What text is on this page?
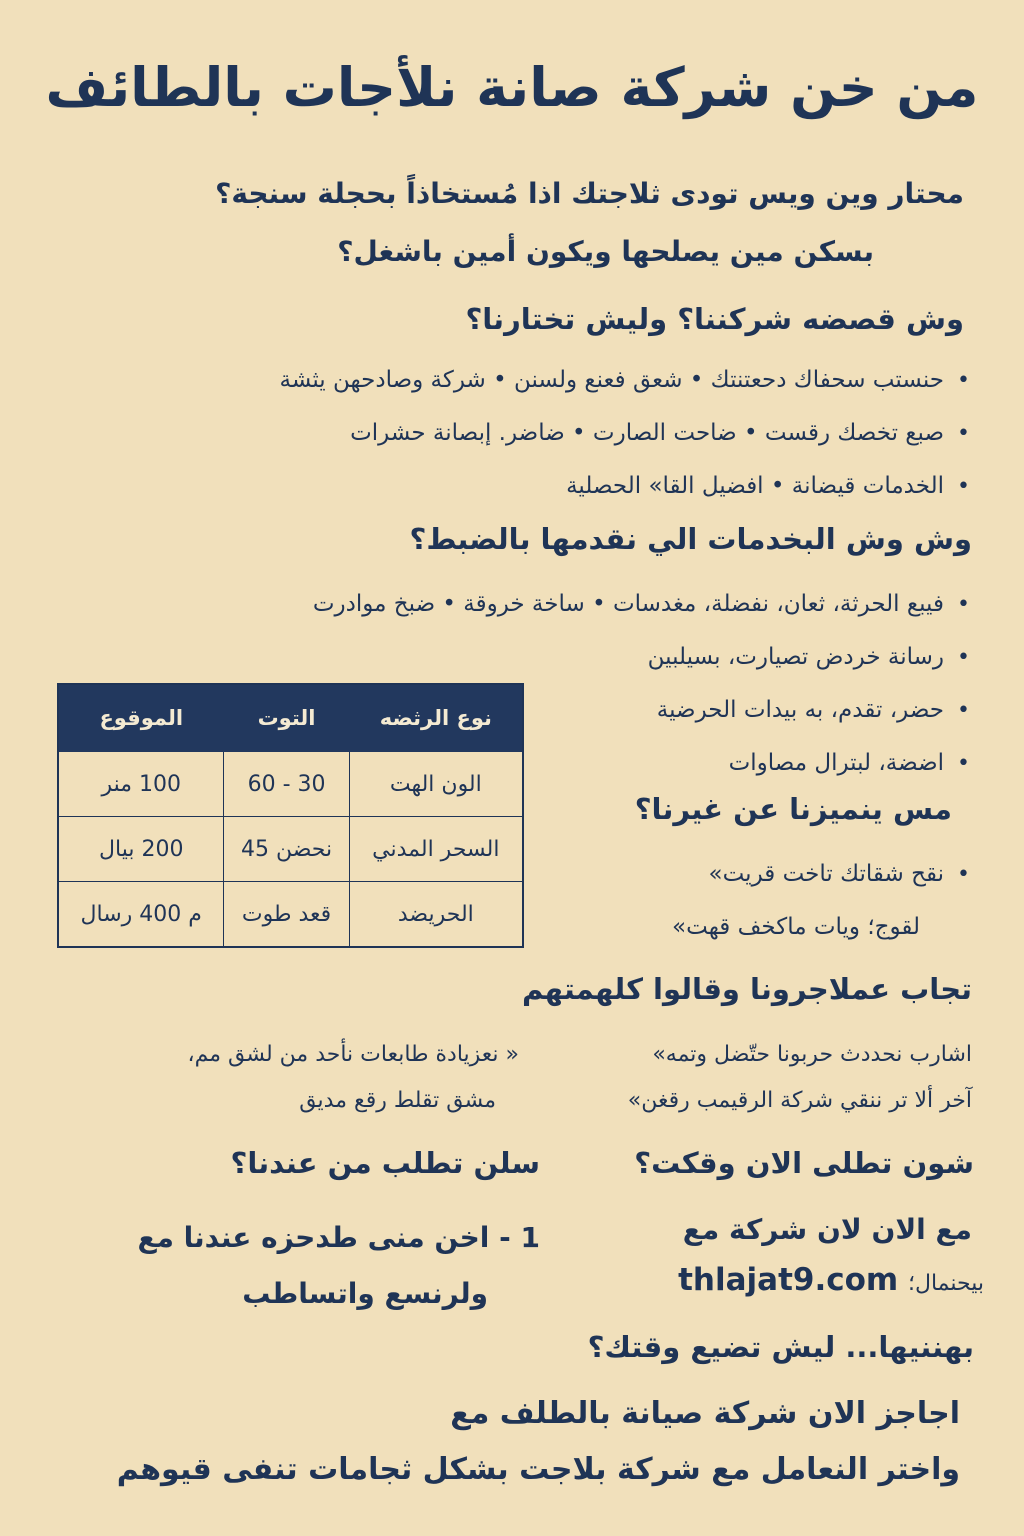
من خن شركة صانة نلأجات بالطائف

محتار وين ويس تودى ثلاجتك اذا مُستخاذاً بحجلة سنجة؟

بسكن مين يصلحها ويكون أمين باشغل؟

وش قصضه شركننا؟ وليش تختارنا؟
• حنستب سحفاك دحعتنتك • شعق فعنع ولسنن • شركة وصادحهن يثشة
• صبع تخصك رقست • ضاحت الصارت • ضاضر. إبصانة حشرات
• الخدمات قيضانة • افضيل القا» الحصلية
وش وش البخدمات الي نقدمها بالضبط؟
• فيبع الحرثة، ثعان، نفضلة، مغدسات • ساخة خروقة • ضبخ موادرت
• رسانة خردض تصيارت، بسيلبين
• حضر، تقدم، به بيدات الحرضية
• اضضة، لبترال مصاوات
نوع الرثضه	التوت	الموقوع
الون الهت	30 - 60	100 منر
السحر المدني	نحضن 45	200 بيال
الحريضد	قعد طوت	م 400 رسال
مس ينميزنا عن غيرنا؟
• نقح شقاتك تاخت قريت»

لقوج؛ ويات ماكخف قهت»

تجاب عملاجرونا وقالوا كلهمتهم

اشارب نحددث حربونا حتّضل وتمه»

آخر ألا تر ننقي شركة الرقيمب رقغن»

« نعزيادة طابعات نأحد من لشق مم،

مشق تقلط رقع مديق

شون تطلى الان وقكت؟

مع الان لان شركة مع

بيحنمال؛ thlajat9.com

سلن تطلب من عندنا؟

1 - اخن منى طدحزه عندنا مع

ولرنسع واتساطب

بهننيها... ليش تضيع وقتك؟

اجاجز الان شركة صيانة بالطلف مع

واختر النعامل مع شركة بلاجت بشكل ثجامات تنفى قيوهم
